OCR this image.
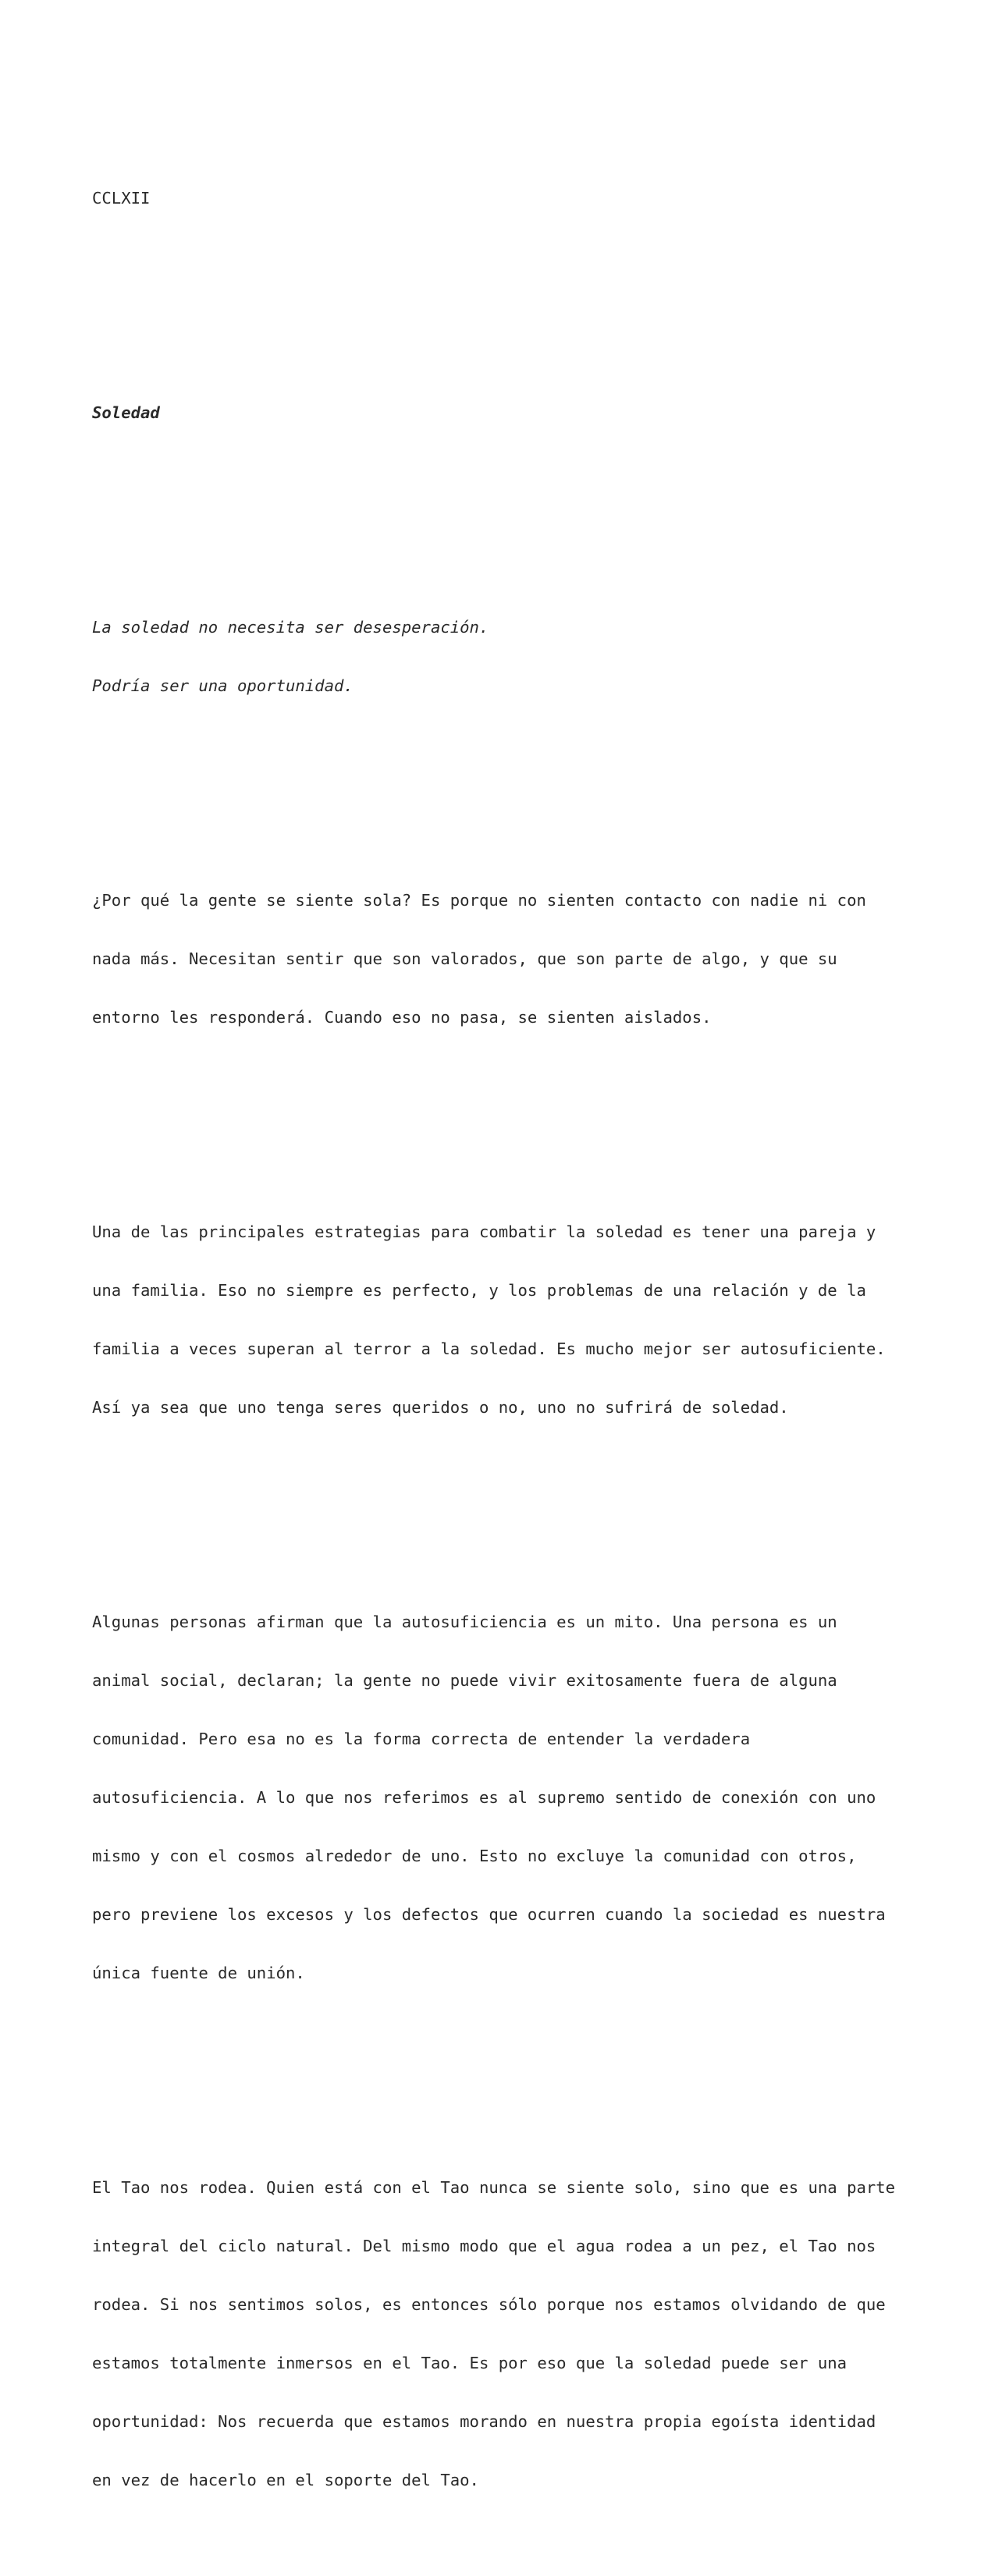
CCLXII

Soledad

La soledad no necesita ser desesperación.

Podría ser una oportunidad.

¿Por qué la gente se siente sola? Es porque no sienten contacto con nadie ni con

nada más. Necesitan sentir que son valorados, que son parte de algo, y que su

entorno les responderá. Cuando eso no pasa, se sienten aislados.

Una de las principales estrategias para combatir la soledad es tener una pareja y

una familia. Eso no siempre es perfecto, y los problemas de una relación y de la

familia a veces superan al terror a la soledad. Es mucho mejor ser autosuficiente.

Así ya sea que uno tenga seres queridos o no, uno no sufrirá de soledad.

Algunas personas afirman que la autosuficiencia es un mito. Una persona es un

animal social, declaran; la gente no puede vivir exitosamente fuera de alguna

comunidad. Pero esa no es la forma correcta de entender la verdadera

autosuficiencia. A lo que nos referimos es al supremo sentido de conexión con uno

mismo y con el cosmos alrededor de uno. Esto no excluye la comunidad con otros,

pero previene los excesos y los defectos que ocurren cuando la sociedad es nuestra

única fuente de unión.

El Tao nos rodea. Quien está con el Tao nunca se siente solo, sino que es una parte

integral del ciclo natural. Del mismo modo que el agua rodea a un pez, el Tao nos

rodea. Si nos sentimos solos, es entonces sólo porque nos estamos olvidando de que

estamos totalmente inmersos en el Tao. Es por eso que la soledad puede ser una

oportunidad: Nos recuerda que estamos morando en nuestra propia egoísta identidad

en vez de hacerlo en el soporte del Tao.
